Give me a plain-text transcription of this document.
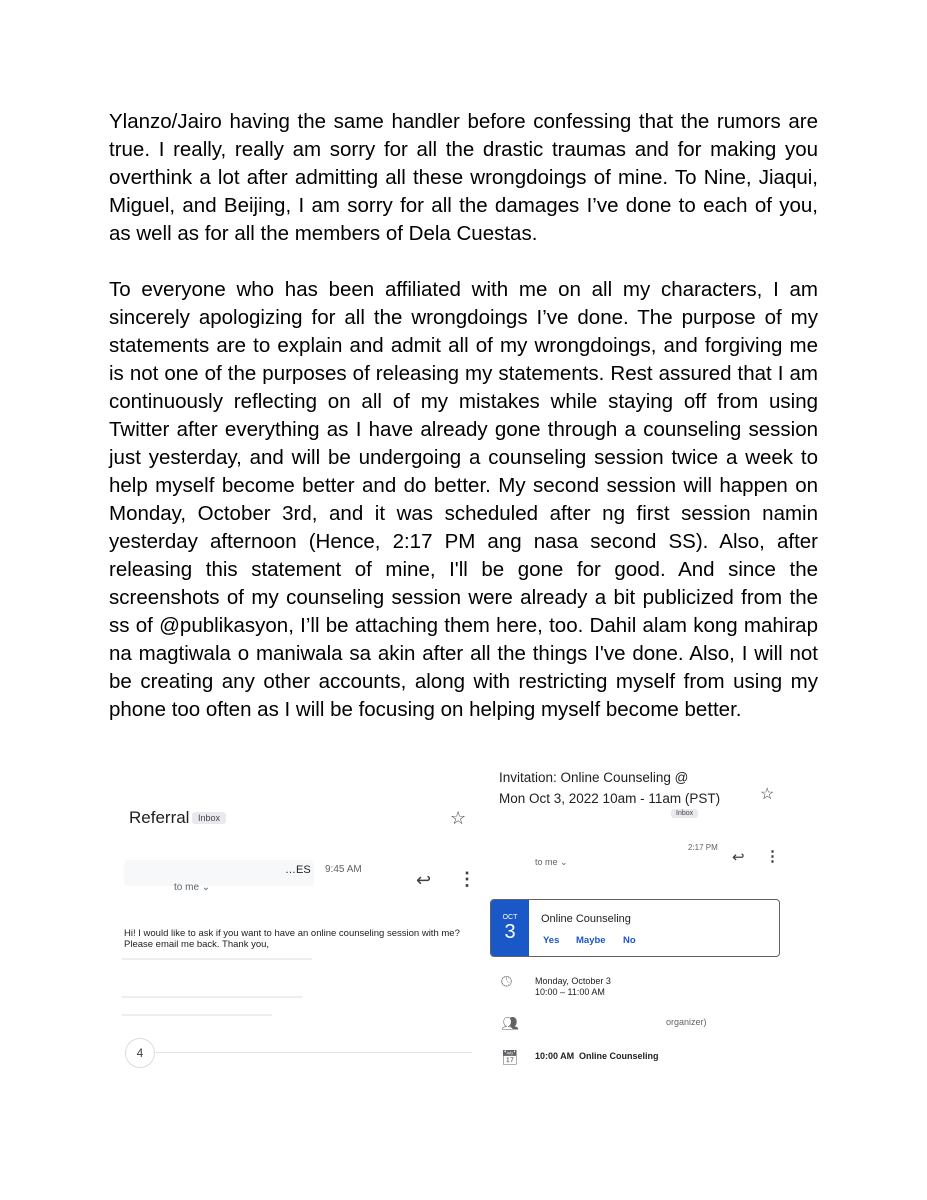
Ylanzo/Jairo having the same handler before confessing that the rumors are true. I really, really am sorry for all the drastic traumas and for making you overthink a lot after admitting all these wrongdoings of mine. To Nine, Jiaqui, Miguel, and Beijing, I am sorry for all the damages I’ve done to each of you, as well as for all the members of Dela Cuestas.

To everyone who has been affiliated with me on all my characters, I am sincerely apologizing for all the wrongdoings I’ve done. The purpose of my statements are to explain and admit all of my wrongdoings, and forgiving me is not one of the purposes of releasing my statements. Rest assured that I am continuously reflecting on all of my mistakes while staying off from using Twitter after everything as I have already gone through a counseling session just yesterday, and will be undergoing a counseling session twice a week to help myself become better and do better. My second session will happen on Monday, October 3rd, and it was scheduled after ng first session namin yesterday afternoon (Hence, 2:17 PM ang nasa second SS). Also, after releasing this statement of mine, I'll be gone for good. And since the screenshots of my counseling session were already a bit publicized from the ss of @publikasyon, I’ll be attaching them here, too. Dahil alam kong mahirap na magtiwala o maniwala sa akin after all the things I've done. Also, I will not be creating any other accounts, along with restricting myself from using my phone too often as I will be focusing on helping myself become better.

Referral Inbox	☆
…ES 9:45 AM
to me ⌄	↩ ⋮
Hi! I would like to ask if you want to have an online counseling session with me?
Please email me back. Thank you,
4
Invitation: Online Counseling @
Mon Oct 3, 2022 10am - 11am (PST) ☆
Inbox
2:17 PM
to me ⌄	↩ ⋮
OCT
3
Online Counseling
Yes Maybe No
🕓︎	Monday, October 3
10:00 – 11:00 AM
👥︎	organizer)
📅︎ 10:00 AM Online Counseling
